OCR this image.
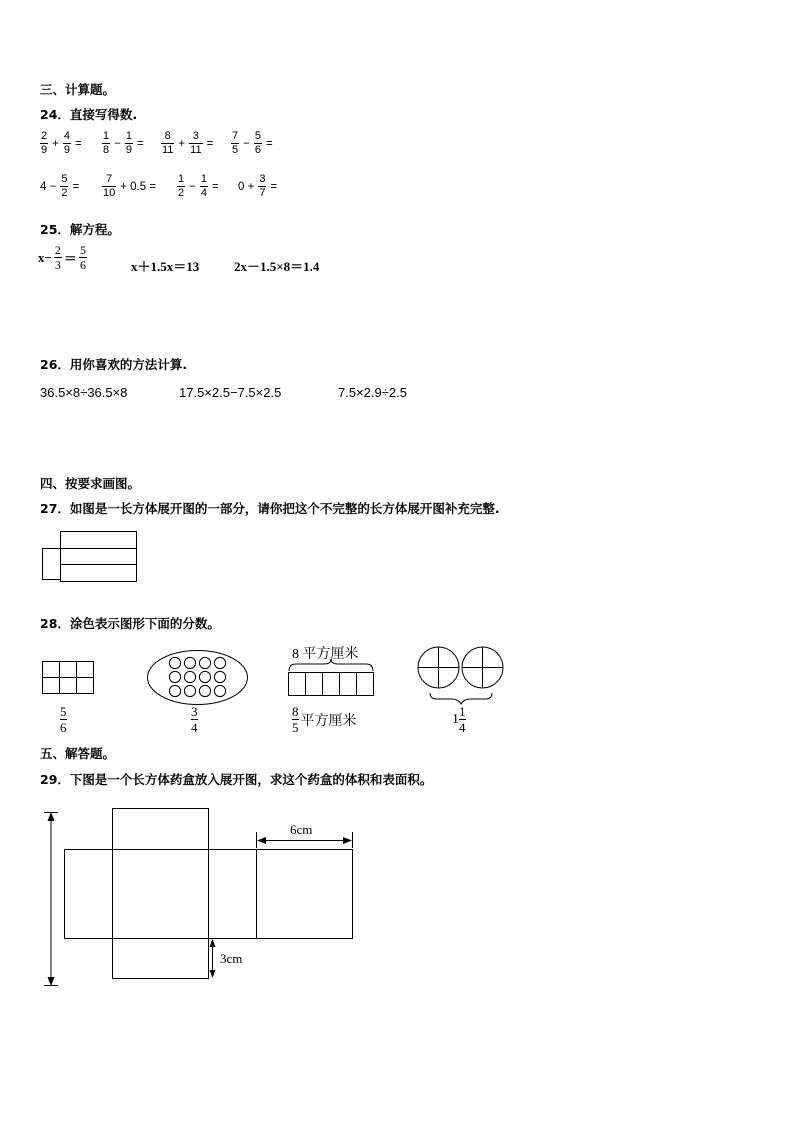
三、计算题。
24．直接写得数.
2
9
+ $\frac{4}{9}$ =
1
8
− $\frac{1}{9}$ =
8
11
+ $\frac{3}{11}$ =
7
5
− $\frac{5}{6}$ =
$4 - \frac{5}{2}$ =
7
10
+ 0.5 =
1
2
− $\frac{1}{4} = 0 + \frac{3}{7}$ =
25．解方程。
$x- \frac{2}{3}$ ＝
5
6	x＋1.5x＝13	2x－1.5×8＝1.4
26．用你喜欢的方法计算.
36.5×8÷36.5×8	17.5×2.5−7.5×2.5	7.5×2.9÷2.5
四、按要求画图。
27．如图是一长方体展开图的一部分，请你把这个不完整的长方体展开图补充完整.
28．涂色表示图形下面的分数。
$\frac{5}{6}$	$\frac{3}{4}$
8 平方厘米
8
5 平方厘米	1 1
4
五、解答题。
29．下图是一个长方体药盒放入展开图，求这个药盒的体积和表面积。
6cm
3cm
